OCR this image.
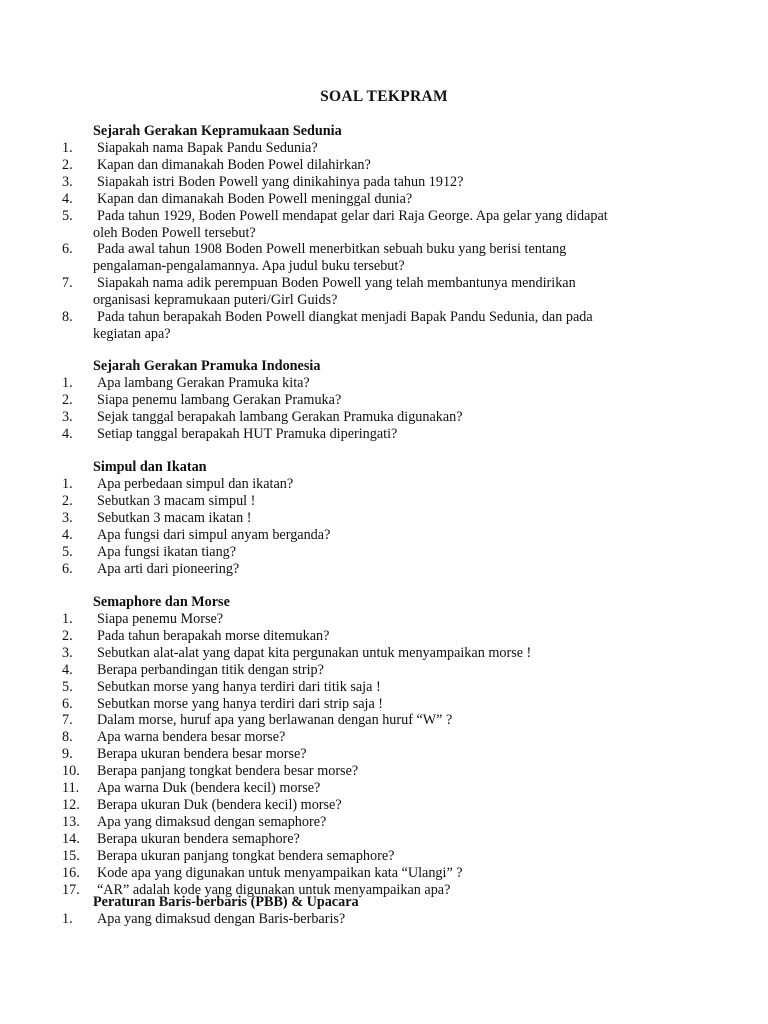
SOAL TEKPRAM
Sejarah Gerakan Kepramukaan Sedunia
1. Siapakah nama Bapak Pandu Sedunia?
2. Kapan dan dimanakah Boden Powel dilahirkan?
3. Siapakah istri Boden Powell yang dinikahinya pada tahun 1912?
4. Kapan dan dimanakah Boden Powell meninggal dunia?
5. Pada tahun 1929, Boden Powell mendapat gelar dari Raja George. Apa gelar yang didapat
oleh Boden Powell tersebut?
6. Pada awal tahun 1908 Boden Powell menerbitkan sebuah buku yang berisi tentang
pengalaman-pengalamannya. Apa judul buku tersebut?
7. Siapakah nama adik perempuan Boden Powell yang telah membantunya mendirikan
organisasi kepramukaan puteri/Girl Guids?
8. Pada tahun berapakah Boden Powell diangkat menjadi Bapak Pandu Sedunia, dan pada
kegiatan apa?
Sejarah Gerakan Pramuka Indonesia
1. Apa lambang Gerakan Pramuka kita?
2. Siapa penemu lambang Gerakan Pramuka?
3. Sejak tanggal berapakah lambang Gerakan Pramuka digunakan?
4. Setiap tanggal berapakah HUT Pramuka diperingati?
Simpul dan Ikatan
1. Apa perbedaan simpul dan ikatan?
2. Sebutkan 3 macam simpul !
3. Sebutkan 3 macam ikatan !
4. Apa fungsi dari simpul anyam berganda?
5. Apa fungsi ikatan tiang?
6. Apa arti dari pioneering?
Semaphore dan Morse
1. Siapa penemu Morse?
2. Pada tahun berapakah morse ditemukan?
3. Sebutkan alat-alat yang dapat kita pergunakan untuk menyampaikan morse !
4. Berapa perbandingan titik dengan strip?
5. Sebutkan morse yang hanya terdiri dari titik saja !
6. Sebutkan morse yang hanya terdiri dari strip saja !
7. Dalam morse, huruf apa yang berlawanan dengan huruf “W” ?
8. Apa warna bendera besar morse?
9. Berapa ukuran bendera besar morse?
10. Berapa panjang tongkat bendera besar morse?
11. Apa warna Duk (bendera kecil) morse?
12. Berapa ukuran Duk (bendera kecil) morse?
13. Apa yang dimaksud dengan semaphore?
14. Berapa ukuran bendera semaphore?
15. Berapa ukuran panjang tongkat bendera semaphore?
16. Kode apa yang digunakan untuk menyampaikan kata “Ulangi” ?
17. “AR” adalah kode yang digunakan untuk menyampaikan apa?
Peraturan Baris-berbaris (PBB) & Upacara
1. Apa yang dimaksud dengan Baris-berbaris?
